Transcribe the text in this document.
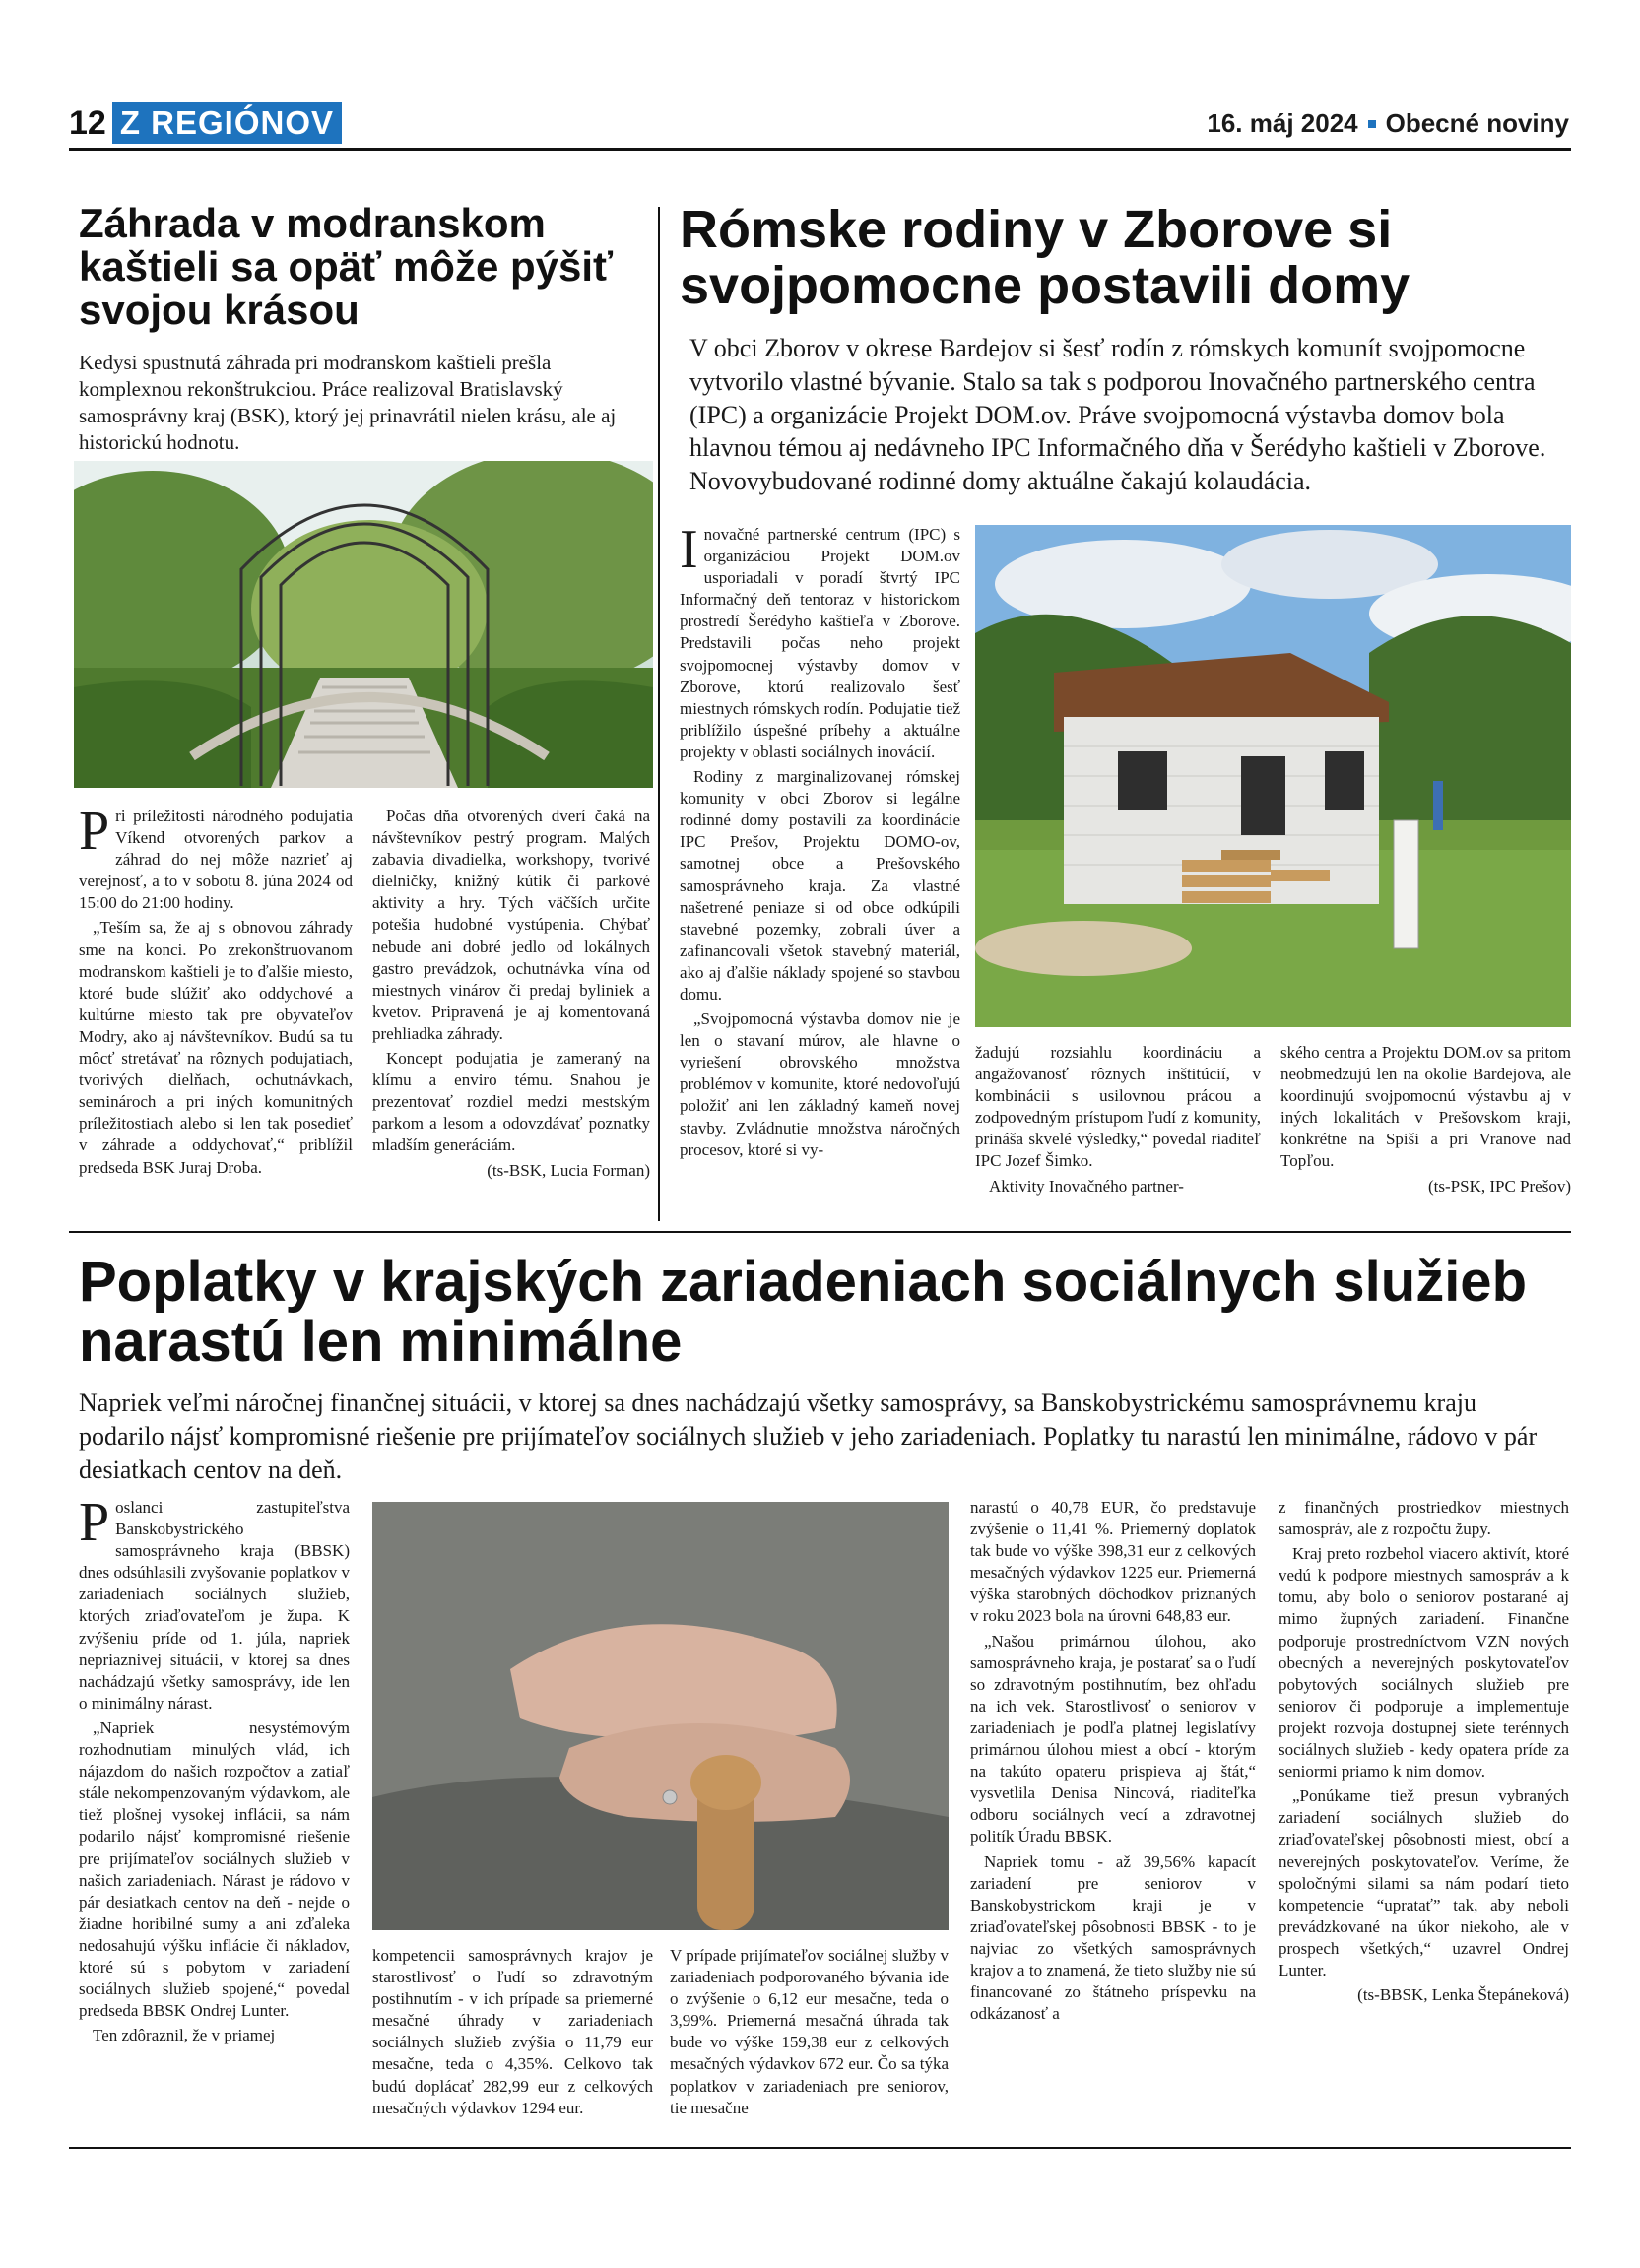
12 Z REGIÓNOV	16. máj 2024 Obecné noviny
Záhrada v modranskom kaštieli sa opäť môže pýšiť svojou krásou
Kedysi spustnutá záhrada pri modranskom kaštieli prešla komplexnou rekonštrukciou. Práce realizoval Bratislavský samosprávny kraj (BSK), ktorý jej prinavrátil nielen krásu, ale aj historickú hodnotu.

Pri príležitosti národného podujatia Víkend otvorených parkov a záhrad do nej môže nazrieť aj verejnosť, a to v sobotu 8. júna 2024 od 15:00 do 21:00 hodiny.

„Teším sa, že aj s obnovou záhrady sme na konci. Po zrekonštruovanom modranskom kaštieli je to ďalšie miesto, ktoré bude slúžiť ako oddychové a kultúrne miesto tak pre obyvateľov Modry, ako aj návštevníkov. Budú sa tu môcť stretávať na rôznych podujatiach, tvorivých dielňach, ochutnávkach, seminároch a pri iných komunitných príležitostiach alebo si len tak posedieť v záhrade a oddychovať,“ priblížil predseda BSK Juraj Droba.

Počas dňa otvorených dverí čaká na návštevníkov pestrý program. Malých zabavia divadielka, workshopy, tvorivé dielničky, knižný kútik či parkové aktivity a hry. Tých väčších určite potešia hudobné vystúpenia. Chýbať nebude ani dobré jedlo od lokálnych gastro prevádzok, ochutnávka vína od miestnych vinárov či predaj byliniek a kvetov. Pripravená je aj komentovaná prehliadka záhrady.

Koncept podujatia je zameraný na klímu a enviro tému. Snahou je prezentovať rozdiel medzi mestským parkom a lesom a odovzdávať poznatky mladším generáciám.

(ts-BSK, Lucia Forman)
Rómske rodiny v Zborove si svojpomocne postavili domy
V obci Zborov v okrese Bardejov si šesť rodín z rómskych komunít svojpomocne vytvorilo vlastné bývanie. Stalo sa tak s podporou Inovačného partnerského centra (IPC) a organizácie Projekt DOM.ov. Práve svojpomocná výstavba domov bola hlavnou témou aj nedávneho IPC Informačného dňa v Šerédyho kaštieli v Zborove. Novovybudované rodinné domy aktuálne čakajú kolaudácia.

Inovačné partnerské centrum (IPC) s organizáciou Projekt DOM.ov usporiadali v poradí štvrtý IPC Informačný deň tentoraz v historickom prostredí Šerédyho kaštieľa v Zborove. Predstavili počas neho projekt svojpomocnej výstavby domov v Zborove, ktorú realizovalo šesť miestnych rómskych rodín. Podujatie tiež priblížilo úspešné príbehy a aktuálne projekty v oblasti sociálnych inovácií.

Rodiny z marginalizovanej rómskej komunity v obci Zborov si legálne rodinné domy postavili za koordinácie IPC Prešov, Projektu DOMO-ov, samotnej obce a Prešovského samosprávneho kraja. Za vlastné našetrené peniaze si od obce odkúpili stavebné pozemky, zobrali úver a zafinancovali všetok stavebný materiál, ako aj ďalšie náklady spojené so stavbou domu.

„Svojpomocná výstavba domov nie je len o stavaní múrov, ale hlavne o vyriešení obrovského množstva problémov v komunite, ktoré nedovoľujú položiť ani len základný kameň novej stavby. Zvládnutie množstva náročných procesov, ktoré si vy-

žadujú rozsiahlu koordináciu a angažovanosť rôznych inštitúcií, v kombinácii s usilovnou prácou a zodpovedným prístupom ľudí z komunity, prináša skvelé výsledky,“ povedal riaditeľ IPC Jozef Šimko.

Aktivity Inovačného partner-

ského centra a Projektu DOM.ov sa pritom neobmedzujú len na okolie Bardejova, ale koordinujú svojpomocnú výstavbu aj v iných lokalitách v Prešovskom kraji, konkrétne na Spiši a pri Vranove nad Topľou.

(ts-PSK, IPC Prešov)
Poplatky v krajských zariadeniach sociálnych služieb narastú len minimálne
Napriek veľmi náročnej finančnej situácii, v ktorej sa dnes nachádzajú všetky samosprávy, sa Banskobystrickému samosprávnemu kraju podarilo nájsť kompromisné riešenie pre prijímateľov sociálnych služieb v jeho zariadeniach. Poplatky tu narastú len minimálne, rádovo v pár desiatkach centov na deň.

Poslanci zastupiteľstva Banskobystrického samosprávneho kraja (BBSK) dnes odsúhlasili zvyšovanie poplatkov v zariadeniach sociálnych služieb, ktorých zriaďovateľom je župa. K zvýšeniu príde od 1. júla, napriek nepriaznivej situácii, v ktorej sa dnes nachádzajú všetky samosprávy, ide len o minimálny nárast.

„Napriek nesystémovým rozhodnutiam minulých vlád, ich nájazdom do našich rozpočtov a zatiaľ stále nekompenzovaným výdavkom, ale tiež plošnej vysokej inflácii, sa nám podarilo nájsť kompromisné riešenie pre prijímateľov sociálnych služieb v našich zariadeniach. Nárast je rádovo v pár desiatkach centov na deň - nejde o žiadne horibilné sumy a ani zďaleka nedosahujú výšku inflácie či nákladov, ktoré sú s pobytom v zariadení sociálnych služieb spojené,“ povedal predseda BBSK Ondrej Lunter.

Ten zdôraznil, že v priamej

kompetencii samosprávnych krajov je starostlivosť o ľudí so zdravotným postihnutím - v ich prípade sa priemerné mesačné úhrady v zariadeniach sociálnych služieb zvýšia o 11,79 eur mesačne, teda o 4,35%. Celkovo tak budú doplácať 282,99 eur z celkových mesačných výdavkov 1294 eur.

V prípade prijímateľov sociálnej služby v zariadeniach podporovaného bývania ide o zvýšenie o 6,12 eur mesačne, teda o 3,99%. Priemerná mesačná úhrada tak bude vo výške 159,38 eur z celkových mesačných výdavkov 672 eur. Čo sa týka poplatkov v zariadeniach pre seniorov, tie mesačne

narastú o 40,78 EUR, čo predstavuje zvýšenie o 11,41 %. Priemerný doplatok tak bude vo výške 398,31 eur z celkových mesačných výdavkov 1225 eur. Priemerná výška starobných dôchodkov priznaných v roku 2023 bola na úrovni 648,83 eur.

„Našou primárnou úlohou, ako samosprávneho kraja, je postarať sa o ľudí so zdravotným postihnutím, bez ohľadu na ich vek. Starostlivosť o seniorov v zariadeniach je podľa platnej legislatívy primárnou úlohou miest a obcí - ktorým na takúto opateru prispieva aj štát,“ vysvetlila Denisa Nincová, riaditeľka odboru sociálnych vecí a zdravotnej politík Úradu BBSK.

Napriek tomu - až 39,56% kapacít zariadení pre seniorov v Banskobystrickom kraji je v zriaďovateľskej pôsobnosti BBSK - to je najviac zo všetkých samosprávnych krajov a to znamená, že tieto služby nie sú financované zo štátneho príspevku na odkázanosť a

z finančných prostriedkov miestnych samospráv, ale z rozpočtu župy.

Kraj preto rozbehol viacero aktivít, ktoré vedú k podpore miestnych samospráv a k tomu, aby bolo o seniorov postarané aj mimo župných zariadení. Finančne podporuje prostredníctvom VZN nových obecných a neverejných poskytovateľov pobytových sociálnych služieb pre seniorov či podporuje a implementuje projekt rozvoja dostupnej siete terénnych sociálnych služieb - kedy opatera príde za seniormi priamo k nim domov.

„Ponúkame tiež presun vybraných zariadení sociálnych služieb do zriaďovateľskej pôsobnosti miest, obcí a neverejných poskytovateľov. Veríme, že spoločnými silami sa nám podarí tieto kompetencie “upratať” tak, aby neboli prevádzkované na úkor niekoho, ale v prospech všetkých,“ uzavrel Ondrej Lunter.

(ts-BBSK, Lenka Štepáneková)
